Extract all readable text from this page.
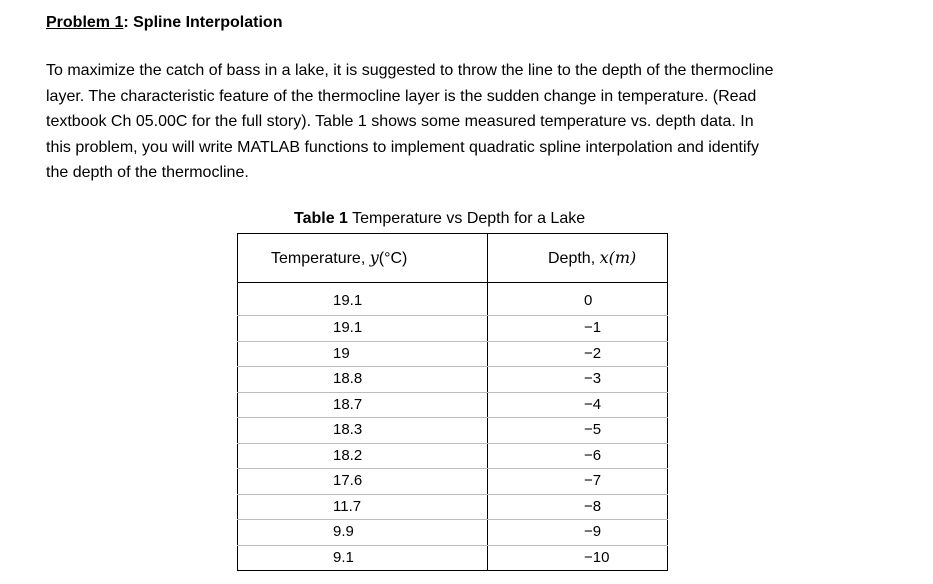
Problem 1: Spline Interpolation
To maximize the catch of bass in a lake, it is suggested to throw the line to the depth of the thermocline
layer. The characteristic feature of the thermocline layer is the sudden change in temperature. (Read
textbook Ch 05.00C for the full story). Table 1 shows some measured temperature vs. depth data. In
this problem, you will write MATLAB functions to implement quadratic spline interpolation and identify
the depth of the thermocline.
Table 1 Temperature vs Depth for a Lake
Temperature, y(°C)	Depth, x(m)
19.1	0
19.1	−1
19	−2
18.8	−3
18.7	−4
18.3	−5
18.2	−6
17.6	−7
11.7	−8
9.9	−9
9.1	−10
